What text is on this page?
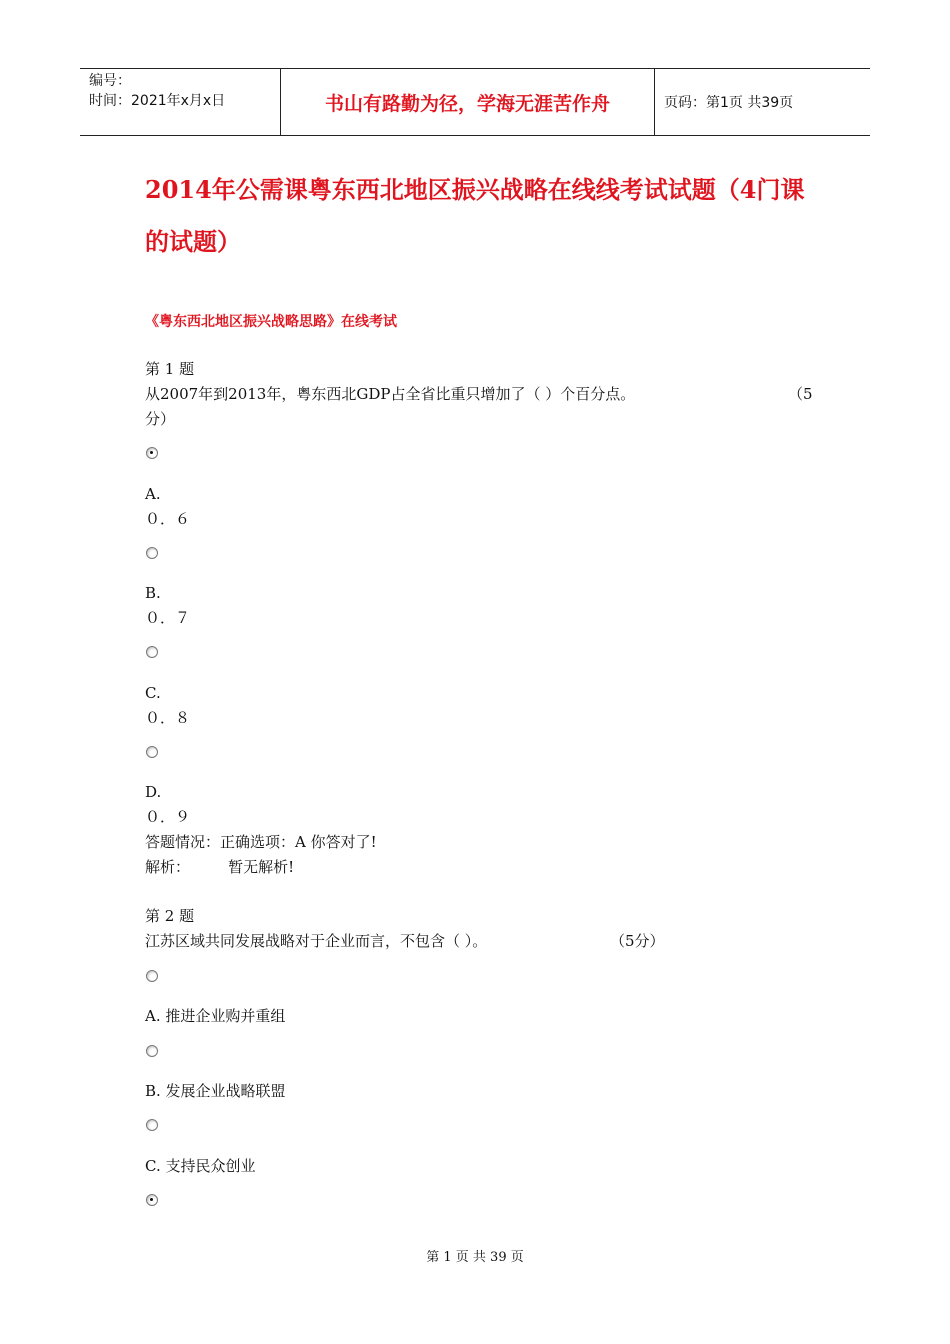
编号：
时间：2021年x月x日	书山有路勤为径，学海无涯苦作舟	页码：第1页 共39页
2014年公需课粤东西北地区振兴战略在线线考试试题（4门课的试题）
《粤东西北地区振兴战略思路》在线考试
第 1 题
从2007年到2013年，粤东西北GDP占全省比重只增加了（ ）个百分点。	（5
分）
A.
０．６
B.
０．７
C.
０．８
D.
０．９
答题情况：正确选项：A 你答对了!
解析：        暂无解析!
第 2 题
江苏区域共同发展战略对于企业而言，不包含（ ）。	（5分）
A. 推进企业购并重组
B. 发展企业战略联盟
C. 支持民众创业
第 1 页 共 39 页
